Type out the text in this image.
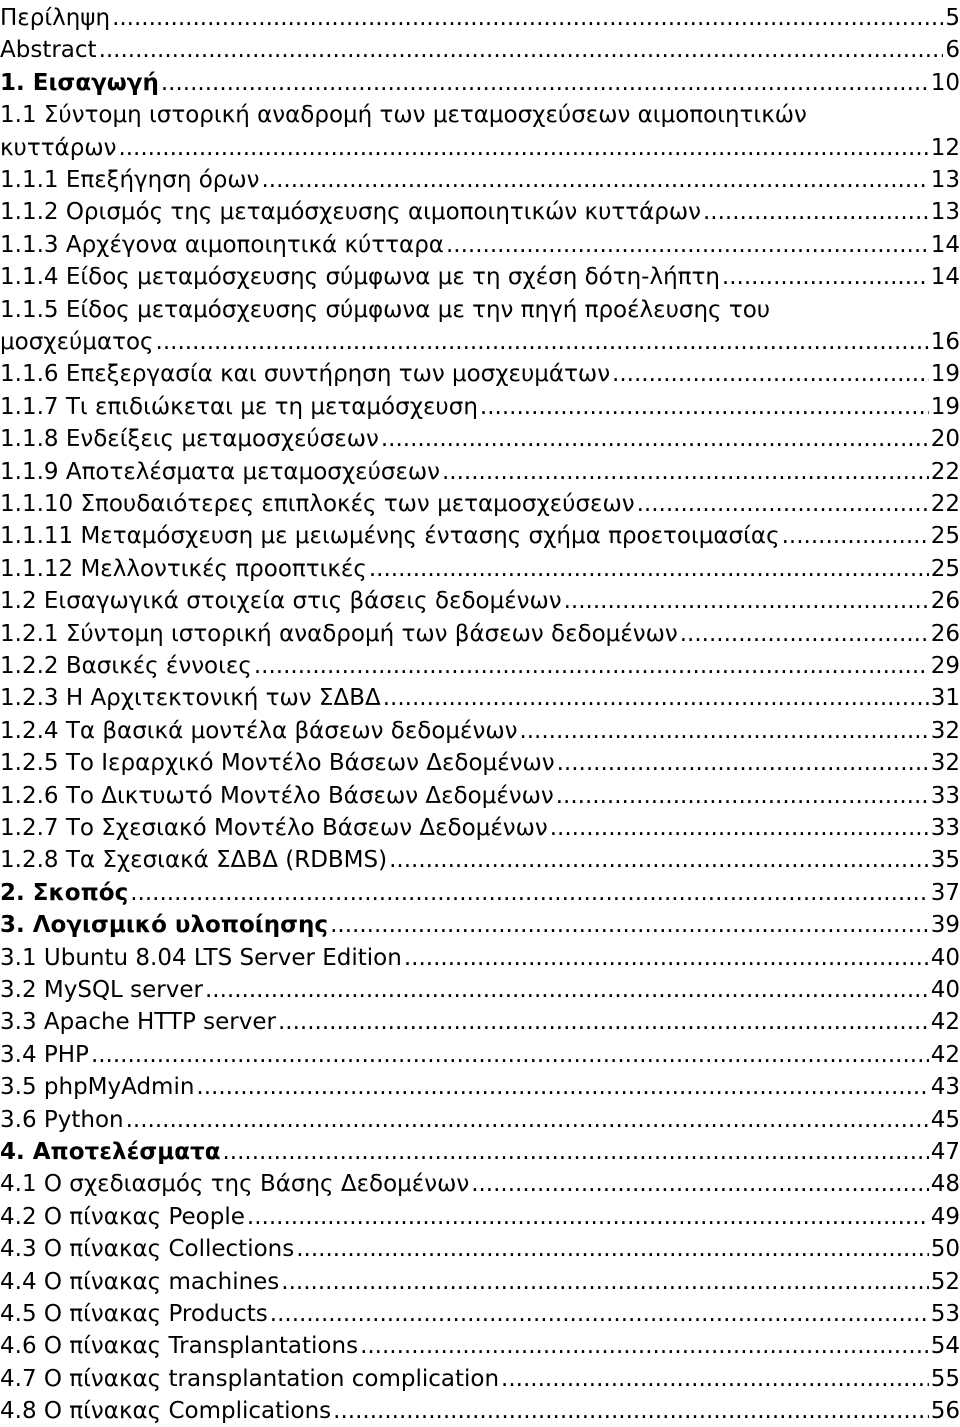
Περίληψη .....	5
Abstract .....	6
1. Εισαγωγή .....	10
1.1 Σύντομη ιστορική αναδρομή των μεταμοσχεύσεων αιμοποιητικών
κυττάρων .....	12
1.1.1 Επεξήγηση όρων .....	13
1.1.2 Ορισμός της μεταμόσχευσης αιμοποιητικών κυττάρων .....	13
1.1.3 Αρχέγονα αιμοποιητικά κύτταρα .....	14
1.1.4 Είδος μεταμόσχευσης σύμφωνα με τη σχέση δότη-λήπτη .....	14
1.1.5 Είδος μεταμόσχευσης σύμφωνα με την πηγή προέλευσης του
μοσχεύματος .....	16
1.1.6 Επεξεργασία και συντήρηση των μοσχευμάτων .....	19
1.1.7 Τι επιδιώκεται με τη μεταμόσχευση .....	19
1.1.8 Ενδείξεις μεταμοσχεύσεων .....	20
1.1.9 Αποτελέσματα μεταμοσχεύσεων .....	22
1.1.10 Σπουδαιότερες επιπλοκές των μεταμοσχεύσεων .....	22
1.1.11 Μεταμόσχευση με μειωμένης έντασης σχήμα προετοιμασίας .....	25
1.1.12 Μελλοντικές προοπτικές .....	25
1.2 Εισαγωγικά στοιχεία στις βάσεις δεδομένων .....	26
1.2.1 Σύντομη ιστορική αναδρομή των βάσεων δεδομένων .....	26
1.2.2 Βασικές έννοιες .....	29
1.2.3 Η Αρχιτεκτονική των ΣΔΒΔ .....	31
1.2.4 Τα βασικά μοντέλα βάσεων δεδομένων .....	32
1.2.5 Το Ιεραρχικό Μοντέλο Βάσεων Δεδομένων .....	32
1.2.6 Το Δικτυωτό Μοντέλο Βάσεων Δεδομένων .....	33
1.2.7 Το Σχεσιακό Μοντέλο Βάσεων Δεδομένων .....	33
1.2.8 Τα Σχεσιακά ΣΔΒΔ (RDBMS) .....	35
2. Σκοπός .....	37
3. Λογισμικό υλοποίησης .....	39
3.1 Ubuntu 8.04 LTS Server Edition .....	40
3.2 MySQL server .....	40
3.3 Apache HTTP server .....	42
3.4 PHP .....	42
3.5 phpMyAdmin .....	43
3.6 Python .....	45
4. Αποτελέσματα .....	47
4.1 Ο σχεδιασμός της Βάσης Δεδομένων .....	48
4.2 Ο πίνακας People .....	49
4.3 Ο πίνακας Collections .....	50
4.4 Ο πίνακας machines .....	52
4.5 Ο πίνακας Products .....	53
4.6 Ο πίνακας Transplantations .....	54
4.7 Ο πίνακας transplantation complication .....	55
4.8 Ο πίνακας Complications .....	56
